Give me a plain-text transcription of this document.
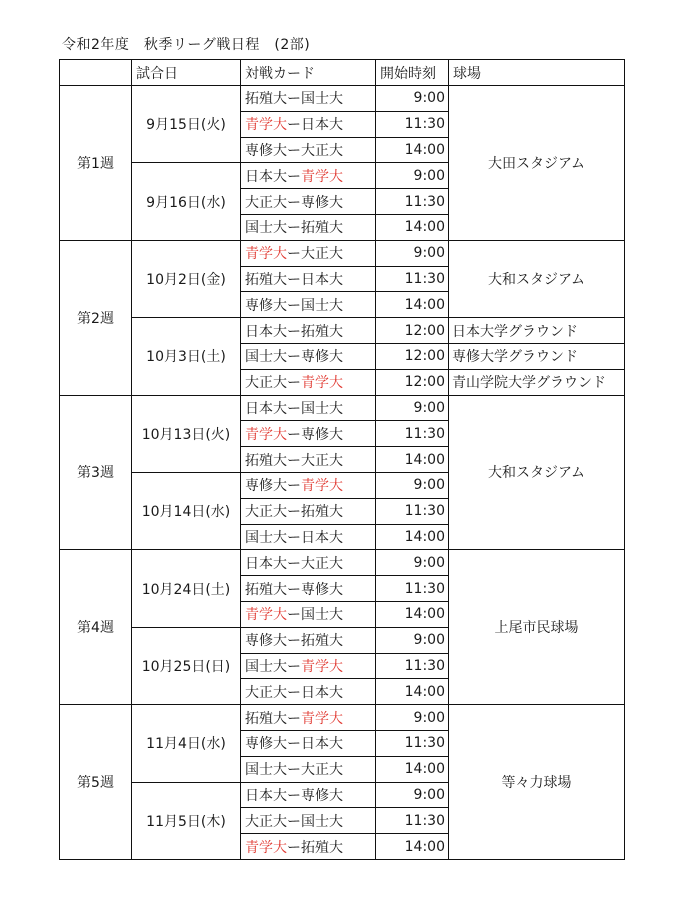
令和2年度　秋季リーグ戦日程　(2部)
	試合日	対戦カード	開始時刻	球場
第1週	9月15日(火)	拓殖大ー国士大	9:00	大田スタジアム
		青学大ー日本大	11:30	
		専修大ー大正大	14:00	
	9月16日(水)	日本大ー青学大	9:00	
		大正大ー専修大	11:30	
		国士大ー拓殖大	14:00	
第2週	10月2日(金)	青学大ー大正大	9:00	大和スタジアム
		拓殖大ー日本大	11:30	
		専修大ー国士大	14:00	
	10月3日(土)	日本大ー拓殖大	12:00	日本大学グラウンド
		国士大ー専修大	12:00	専修大学グラウンド
		大正大ー青学大	12:00	青山学院大学グラウンド
第3週	10月13日(火)	日本大ー国士大	9:00	大和スタジアム
		青学大ー専修大	11:30	
		拓殖大ー大正大	14:00	
	10月14日(水)	専修大ー青学大	9:00	
		大正大ー拓殖大	11:30	
		国士大ー日本大	14:00	
第4週	10月24日(土)	日本大ー大正大	9:00	上尾市民球場
		拓殖大ー専修大	11:30	
		青学大ー国士大	14:00	
	10月25日(日)	専修大ー拓殖大	9:00	
		国士大ー青学大	11:30	
		大正大ー日本大	14:00	
第5週	11月4日(水)	拓殖大ー青学大	9:00	等々力球場
		専修大ー日本大	11:30	
		国士大ー大正大	14:00	
	11月5日(木)	日本大ー専修大	9:00	
		大正大ー国士大	11:30	
		青学大ー拓殖大	14:00	
